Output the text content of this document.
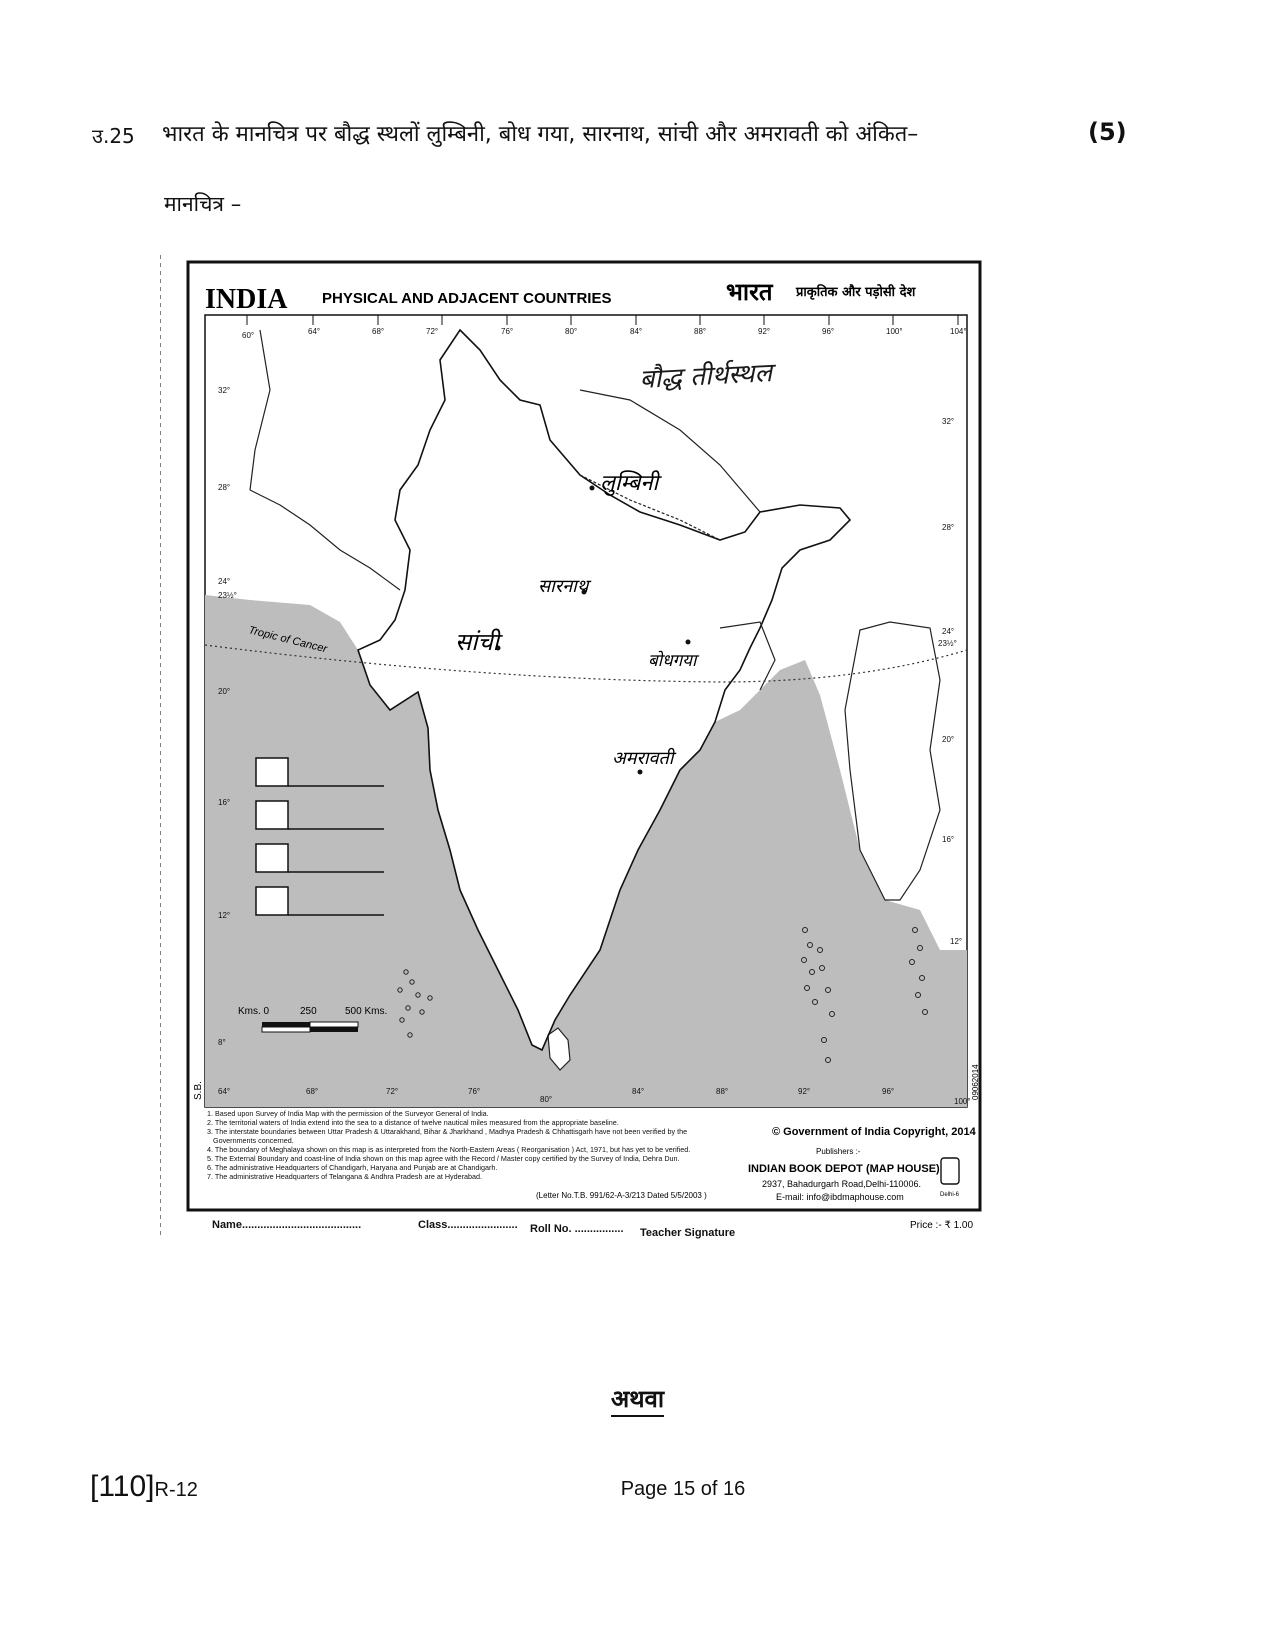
उ.25 भारत के मानचित्र पर बौद्ध स्थलों लुम्बिनी, बोध गया, सारनाथ, सांची और अमरावती को अंकित–	(5)
मानचित्र –
INDIA PHYSICAL AND ADJACENT COUNTRIES	भारत प्राकृतिक और पड़ोसी देश
Tropic of Cancer
60°	64°	68°	72°	76°	80°	84°	88°	92°	96°	100°	104°
32°
28°
24°
23½°
20°
16°
12°
8°
32°
28°
24°
23½°
20°
16°
12°
64°	68°	72°	76°
80°
84°	88°	92°	96°
100°
Kms. 0	250	500 Kms.
बौद्ध तीर्थस्थल
लुम्बिनी
सारनाथ
सांची
बोधगया
अमरावती
S.B.	09062014
1. Based upon Survey of India Map with the permission of the Surveyor General of India.
2. The territorial waters of India extend into the sea to a distance of twelve nautical miles measured from the appropriate baseline.
3. The interstate boundaries between Uttar Pradesh & Uttarakhand, Bihar & Jharkhand , Madhya Pradesh & Chhattisgarh have not been verified by the
Governments concerned.
4. The boundary of Meghalaya shown on this map is as interpreted from the North-Eastern Areas ( Reorganisation ) Act, 1971, but has yet to be verified.
5. The External Boundary and coast-line of India shown on this map agree with the Record / Master copy certified by the Survey of India, Dehra Dun.
6. The administrative Headquarters of Chandigarh, Haryana and Punjab are at Chandigarh.
7. The administrative Headquarters of Telangana & Andhra Pradesh are at Hyderabad.
(Letter No.T.B. 991/62-A-3/213 Dated 5/5/2003 )
© Government of India Copyright, 2014
Publishers :-
INDIAN BOOK DEPOT (MAP HOUSE)
2937, Bahadurgarh Road,Delhi-110006.
E-mail: info@ibdmaphouse.com	Delhi-6
Name.......................................	Class....................... Roll No. ................ Teacher Signature
Price :- ₹ 1.00
अथवा
[110]R-12	Page 15 of 16
